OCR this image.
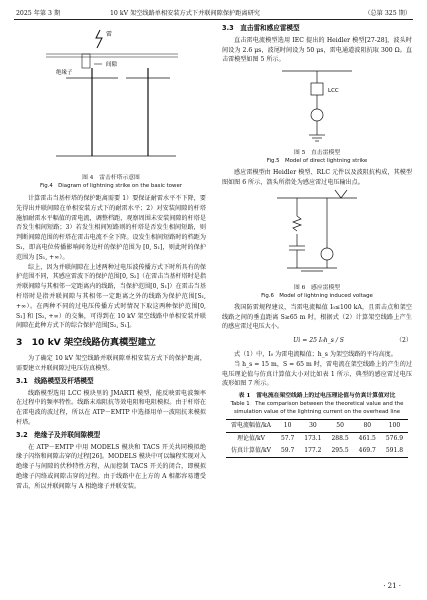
2025 年第 3 期	10 kV 架空线路单相安装方式下并联间隙保护距离研究	（总第 325 期）
雷
间隙
绝缘子

图 4　雷击杆塔示意图

Fig.4　Diagram of lightning strike on the basic tower

计算雷击当基杆塔的保护距离需要 1）要保证耐雷水平不下降，要先得出并联间隙在单相安装方式下的耐雷水平；2）对安装间隙的杆塔施加耐雷水平幅值的雷电流，调整档距，观察周围未安装间隙的杆塔是否发生相间短路；3）若发生相间短路则的杆塔是否发生相间短路，则判断间隙范围的杆塔在雷击电流不全下降。设发生相间短路时的档距为 S₁，即高电位传播影响间务边杆的保护范围为 [0, S₁]，则此时的保护范围为 [S₁, +∞）。

综上，因为并联间隙在上述两种过电压波传播方式下时所具有的保护范围不同，其感应雷波下的保护范围[0, S₂]（在雷击当基杆塔时是指并联间隙与其相邻一定距离内的线路，当保护范围[0, S₁]）在雷击当基杆塔时是指并联间隙与其相邻一定距离之外的线路为保护范围[S₁, +∞）。在两种不同的过电压传播方式时情况下取这两种保护范围[0, S₁] 和 [S₂, +∞）的交集，可得到在 10 kV 架空线路中单相安装并联间隙在此种方式下的综合保护范围[S₂, S₁]。

3　10 kV 架空线路仿真模型建立

为了确定 10 kV 架空线路并联间隙单相安装方式下的保护距离，需要建立并联间隙过电压仿真模型。

3.1　线路模型及杆塔模型

线路模型选用 LCC 模块里的 JMARTI 模型，能反映雷电波频率在过程中的频率特性。线路末端阻抗等效电阻和电阻模拟。由于杆塔在在雷电波的波过程，所以在 ATP－EMTP 中选择用单一波阻抗来模拟杆塔。

3.2　绝缘子及并联间隙模型

在 ATP－EMTP 中用 MODELS 模块和 TACS 开关共同模拟绝缘子闪络和间隙击穿的过程[26]。MODELS 模块中可以编程实现对入绝缘子与间隙的伏秒特性方程，从而控制 TACS 开关的闭合，即模拟绝缘子闪络或间隙击穿的过程。由于线路中在上方的 A 相都容易遭受雷击，所以并联间隙与 A 相绝缘子并联安装。

3.3　直击雷和感应雷模型

直击雷电流模型选用 IEC 提出的 Heidler 模型[27-28]，波头时间设为 2.6 μs，波尾时间设为 50 μs，雷电通道波阻抗取 300 Ω。直击雷模型如图 5 所示。

LCC

图 5　直击雷模型

Fig.5　Model of direct lightning strike

感应雷模型由 Heidler 模型、RLC 元件以及波阻抗构成，其模型图如图 6 所示，箭头所指处为感应雷过电压输出点。

图 6　感应雷模型

Fig.6　Model of lightning induced voltage

我国防雷规程建议，当雷电流幅值 I₀≤100 kA，且雷击点和架空线路之间的垂直距离 S≥65 m 时，根据式（2）计算架空线路上产生的感应雷过电压大小。

Ui = 25 I₀h_s / S	（2）

式（1）中，I₀ 为雷电流幅值；h_s 为架空线路的平均高度。

当 h_s = 15 m，S = 65 m 时，雷电流在架空线路上的产生的过电压理论值与仿真计算值大小对比如表 1 所示，典型的感应雷过电压波形如图 7 所示。

表 1　雷电流在架空线路上的过电压理论值与仿真计算值对比

Table 1　The comparison between the theoretical value and the simulation value of the lightning current on the overhead line

雷电流幅值/kA	10	30	50	80	100
理论值/kV	57.7	173.1	288.5	461.5	576.9
仿真计算值/kV	59.7	177.2	295.5	469.7	591.8
· 21 ·
